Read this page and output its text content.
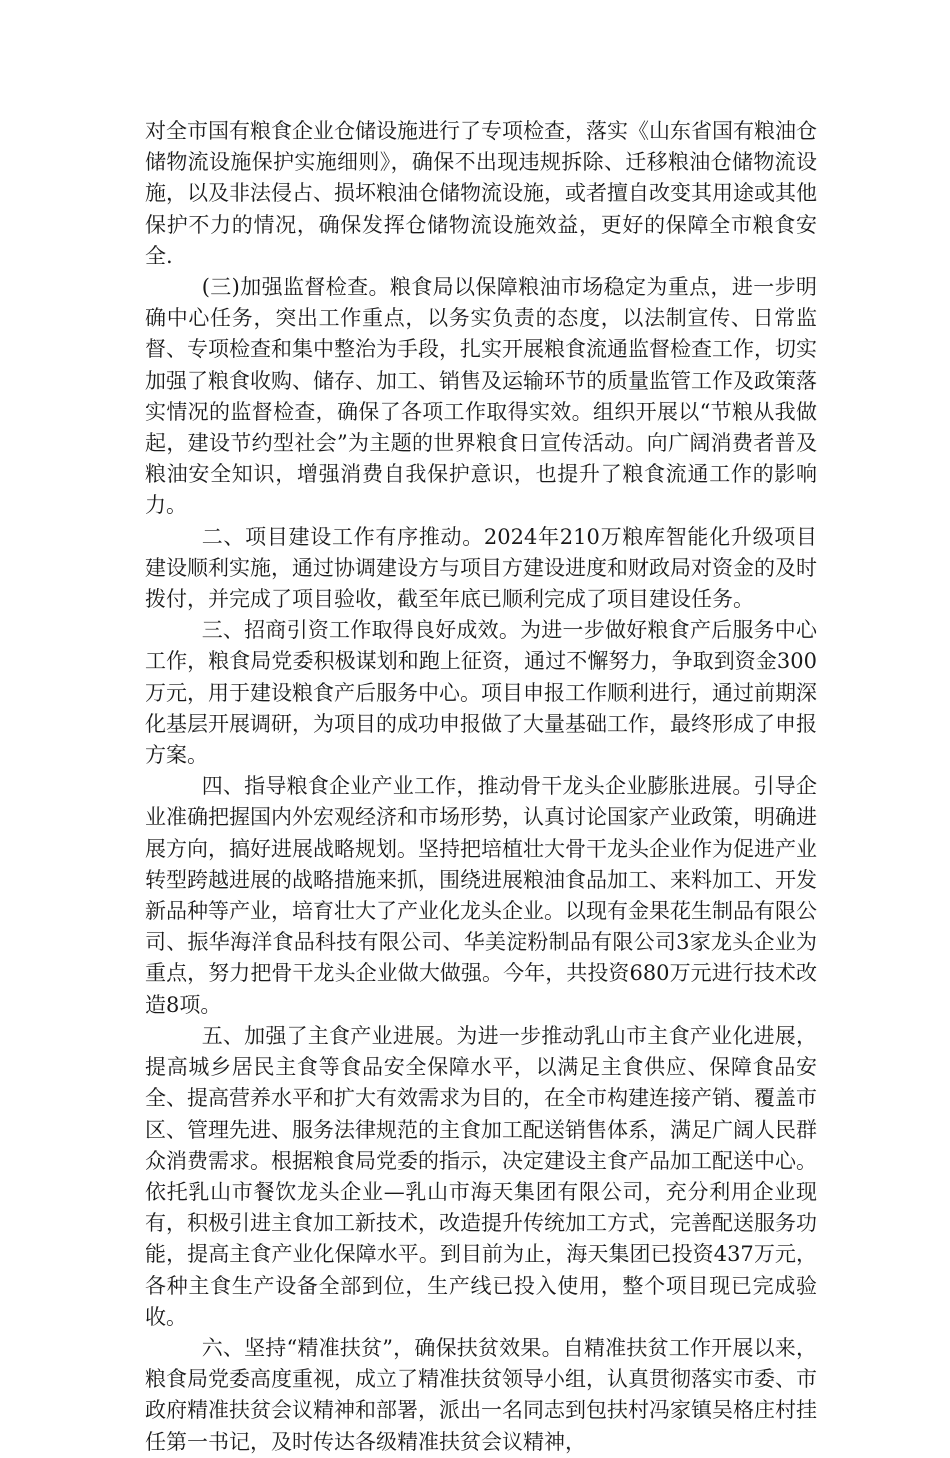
对全市国有粮食企业仓储设施进行了专项检查，落实《山东省国有粮油仓储物流设施保护实施细则》，确保不出现违规拆除、迁移粮油仓储物流设施，以及非法侵占、损坏粮油仓储物流设施，或者擅自改变其用途或其他保护不力的情况，确保发挥仓储物流设施效益，更好的保障全市粮食安全.

(三)加强监督检查。粮食局以保障粮油市场稳定为重点，进一步明确中心任务，突出工作重点，以务实负责的态度，以法制宣传、日常监督、专项检查和集中整治为手段，扎实开展粮食流通监督检查工作，切实加强了粮食收购、储存、加工、销售及运输环节的质量监管工作及政策落实情况的监督检查，确保了各项工作取得实效。组织开展以“节粮从我做起，建设节约型社会”为主题的世界粮食日宣传活动。向广阔消费者普及粮油安全知识，增强消费自我保护意识，也提升了粮食流通工作的影响力。

二、项目建设工作有序推动。2024年210万粮库智能化升级项目建设顺利实施，通过协调建设方与项目方建设进度和财政局对资金的及时拨付，并完成了项目验收，截至年底已顺利完成了项目建设任务。

三、招商引资工作取得良好成效。为进一步做好粮食产后服务中心工作，粮食局党委积极谋划和跑上征资，通过不懈努力，争取到资金300万元，用于建设粮食产后服务中心。项目申报工作顺利进行，通过前期深化基层开展调研，为项目的成功申报做了大量基础工作，最终形成了申报方案。

四、指导粮食企业产业工作，推动骨干龙头企业膨胀进展。引导企业准确把握国内外宏观经济和市场形势，认真讨论国家产业政策，明确进展方向，搞好进展战略规划。坚持把培植壮大骨干龙头企业作为促进产业转型跨越进展的战略措施来抓，围绕进展粮油食品加工、来料加工、开发新品种等产业，培育壮大了产业化龙头企业。以现有金果花生制品有限公司、振华海洋食品科技有限公司、华美淀粉制品有限公司3家龙头企业为重点，努力把骨干龙头企业做大做强。今年，共投资680万元进行技术改造8项。

五、加强了主食产业进展。为进一步推动乳山市主食产业化进展，提高城乡居民主食等食品安全保障水平，以满足主食供应、保障食品安全、提高营养水平和扩大有效需求为目的，在全市构建连接产销、覆盖市区、管理先进、服务法律规范的主食加工配送销售体系，满足广阔人民群众消费需求。根据粮食局党委的指示，决定建设主食产品加工配送中心。依托乳山市餐饮龙头企业—乳山市海天集团有限公司，充分利用企业现有，积极引进主食加工新技术，改造提升传统加工方式，完善配送服务功能，提高主食产业化保障水平。到目前为止，海天集团已投资437万元，各种主食生产设备全部到位，生产线已投入使用，整个项目现已完成验收。

六、坚持“精准扶贫”，确保扶贫效果。自精准扶贫工作开展以来，粮食局党委高度重视，成立了精准扶贫领导小组，认真贯彻落实市委、市政府精准扶贫会议精神和部署，派出一名同志到包扶村冯家镇吴格庄村挂任第一书记，及时传达各级精准扶贫会议精神，
